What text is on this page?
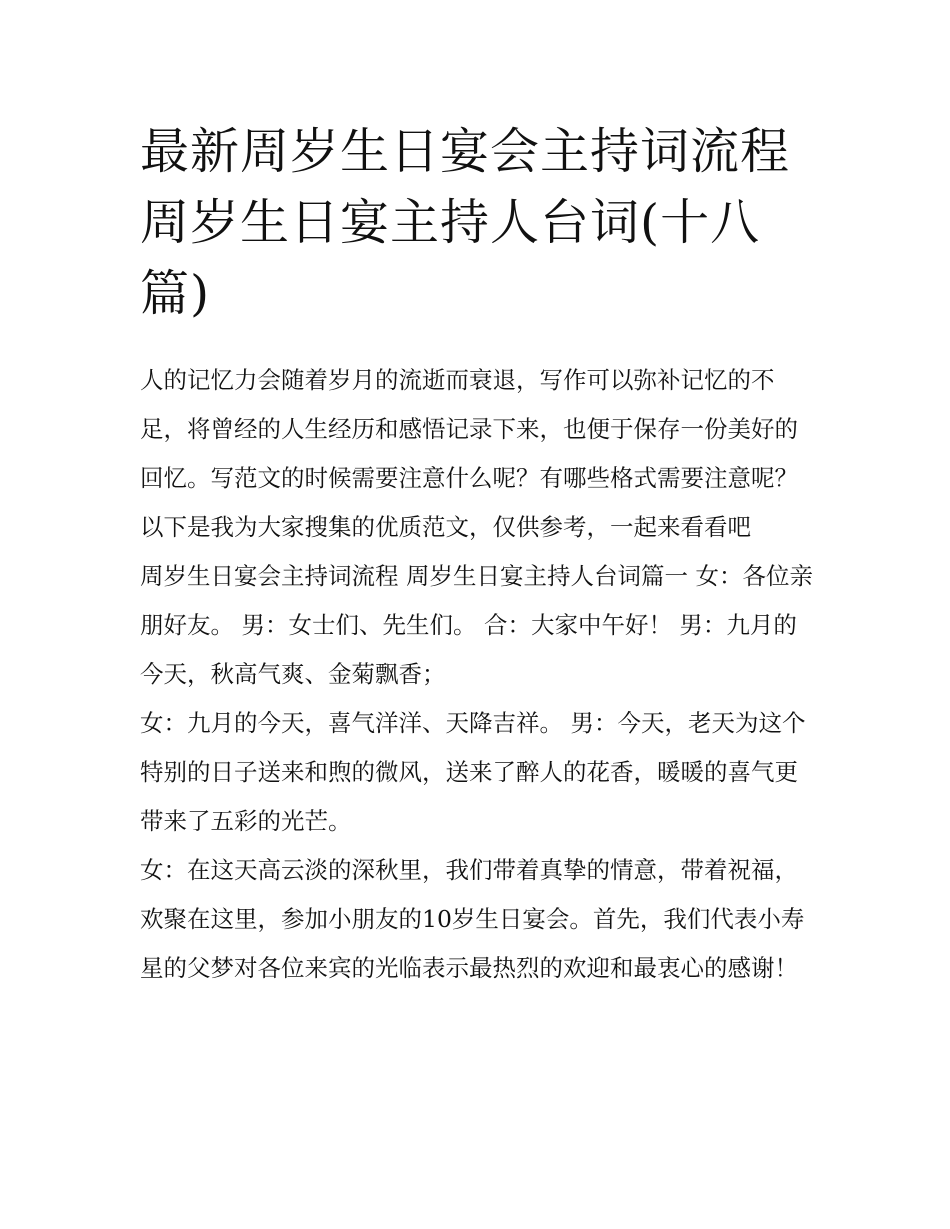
最新周岁生日宴会主持词流程 周岁生日宴主持人台词(十八篇)

人的记忆力会随着岁月的流逝而衰退，写作可以弥补记忆的不足，将曾经的人生经历和感悟记录下来，也便于保存一份美好的回忆。写范文的时候需要注意什么呢？有哪些格式需要注意呢？以下是我为大家搜集的优质范文，仅供参考，一起来看看吧

周岁生日宴会主持词流程 周岁生日宴主持人台词篇一 女：各位亲朋好友。 男：女士们、先生们。 合：大家中午好！ 男：九月的今天，秋高气爽、金菊飘香；

女：九月的今天，喜气洋洋、天降吉祥。 男：今天，老天为这个特别的日子送来和煦的微风，送来了醉人的花香，暖暖的喜气更带来了五彩的光芒。

女：在这天高云淡的深秋里，我们带着真挚的情意，带着祝福，欢聚在这里，参加小朋友的10岁生日宴会。首先，我们代表小寿星的父梦对各位来宾的光临表示最热烈的欢迎和最衷心的感谢！
